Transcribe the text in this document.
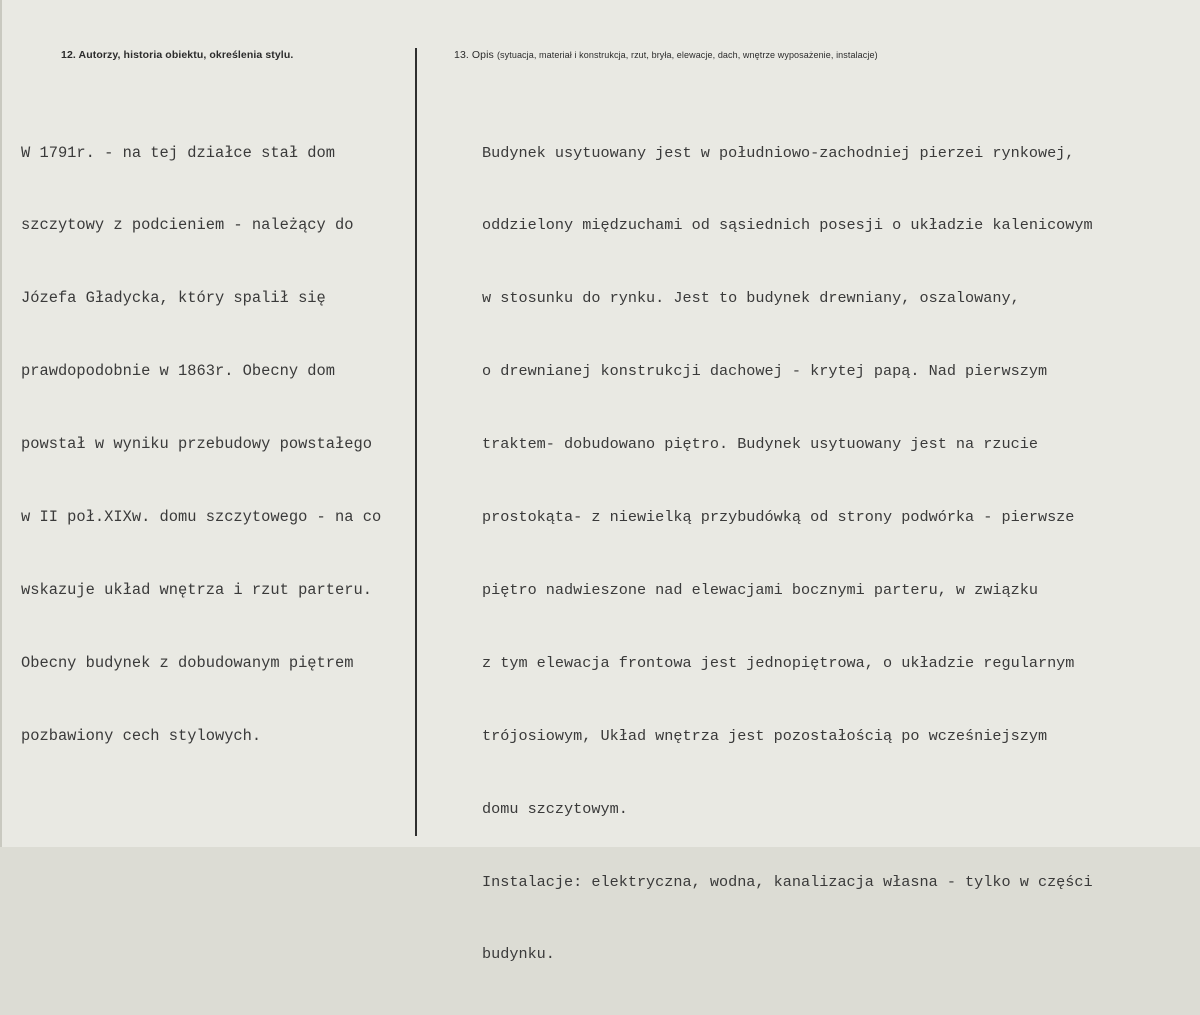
12. Autorzy, historia obiektu, określenia stylu.

W 1791r. - na tej działce stał dom

szczytowy z podcieniem - należący do

Józefa Gładycka, który spalił się

prawdopodobnie w 1863r. Obecny dom

powstał w wyniku przebudowy powstałego

w II poł.XIXw. domu szczytowego - na co

wskazuje układ wnętrza i rzut parteru.

Obecny budynek z dobudowanym piętrem

pozbawiony cech stylowych.

13. Opis (sytuacja, materiał i konstrukcja, rzut, bryła, elewacje, dach, wnętrze wyposażenie, instalacje)

Budynek usytuowany jest w południowo-zachodniej pierzei rynkowej,

oddzielony międzuchami od sąsiednich posesji o układzie kalenicowym

w stosunku do rynku. Jest to budynek drewniany, oszalowany,

o drewnianej konstrukcji dachowej - krytej papą. Nad pierwszym

traktem- dobudowano piętro. Budynek usytuowany jest na rzucie

prostokąta- z niewielką przybudówką od strony podwórka - pierwsze

piętro nadwieszone nad elewacjami bocznymi parteru, w związku

z tym elewacja frontowa jest jednopiętrowa, o układzie regularnym

trójosiowym, Układ wnętrza jest pozostałością po wcześniejszym

domu szczytowym.

Instalacje: elektryczna, wodna, kanalizacja własna - tylko w części

budynku.
